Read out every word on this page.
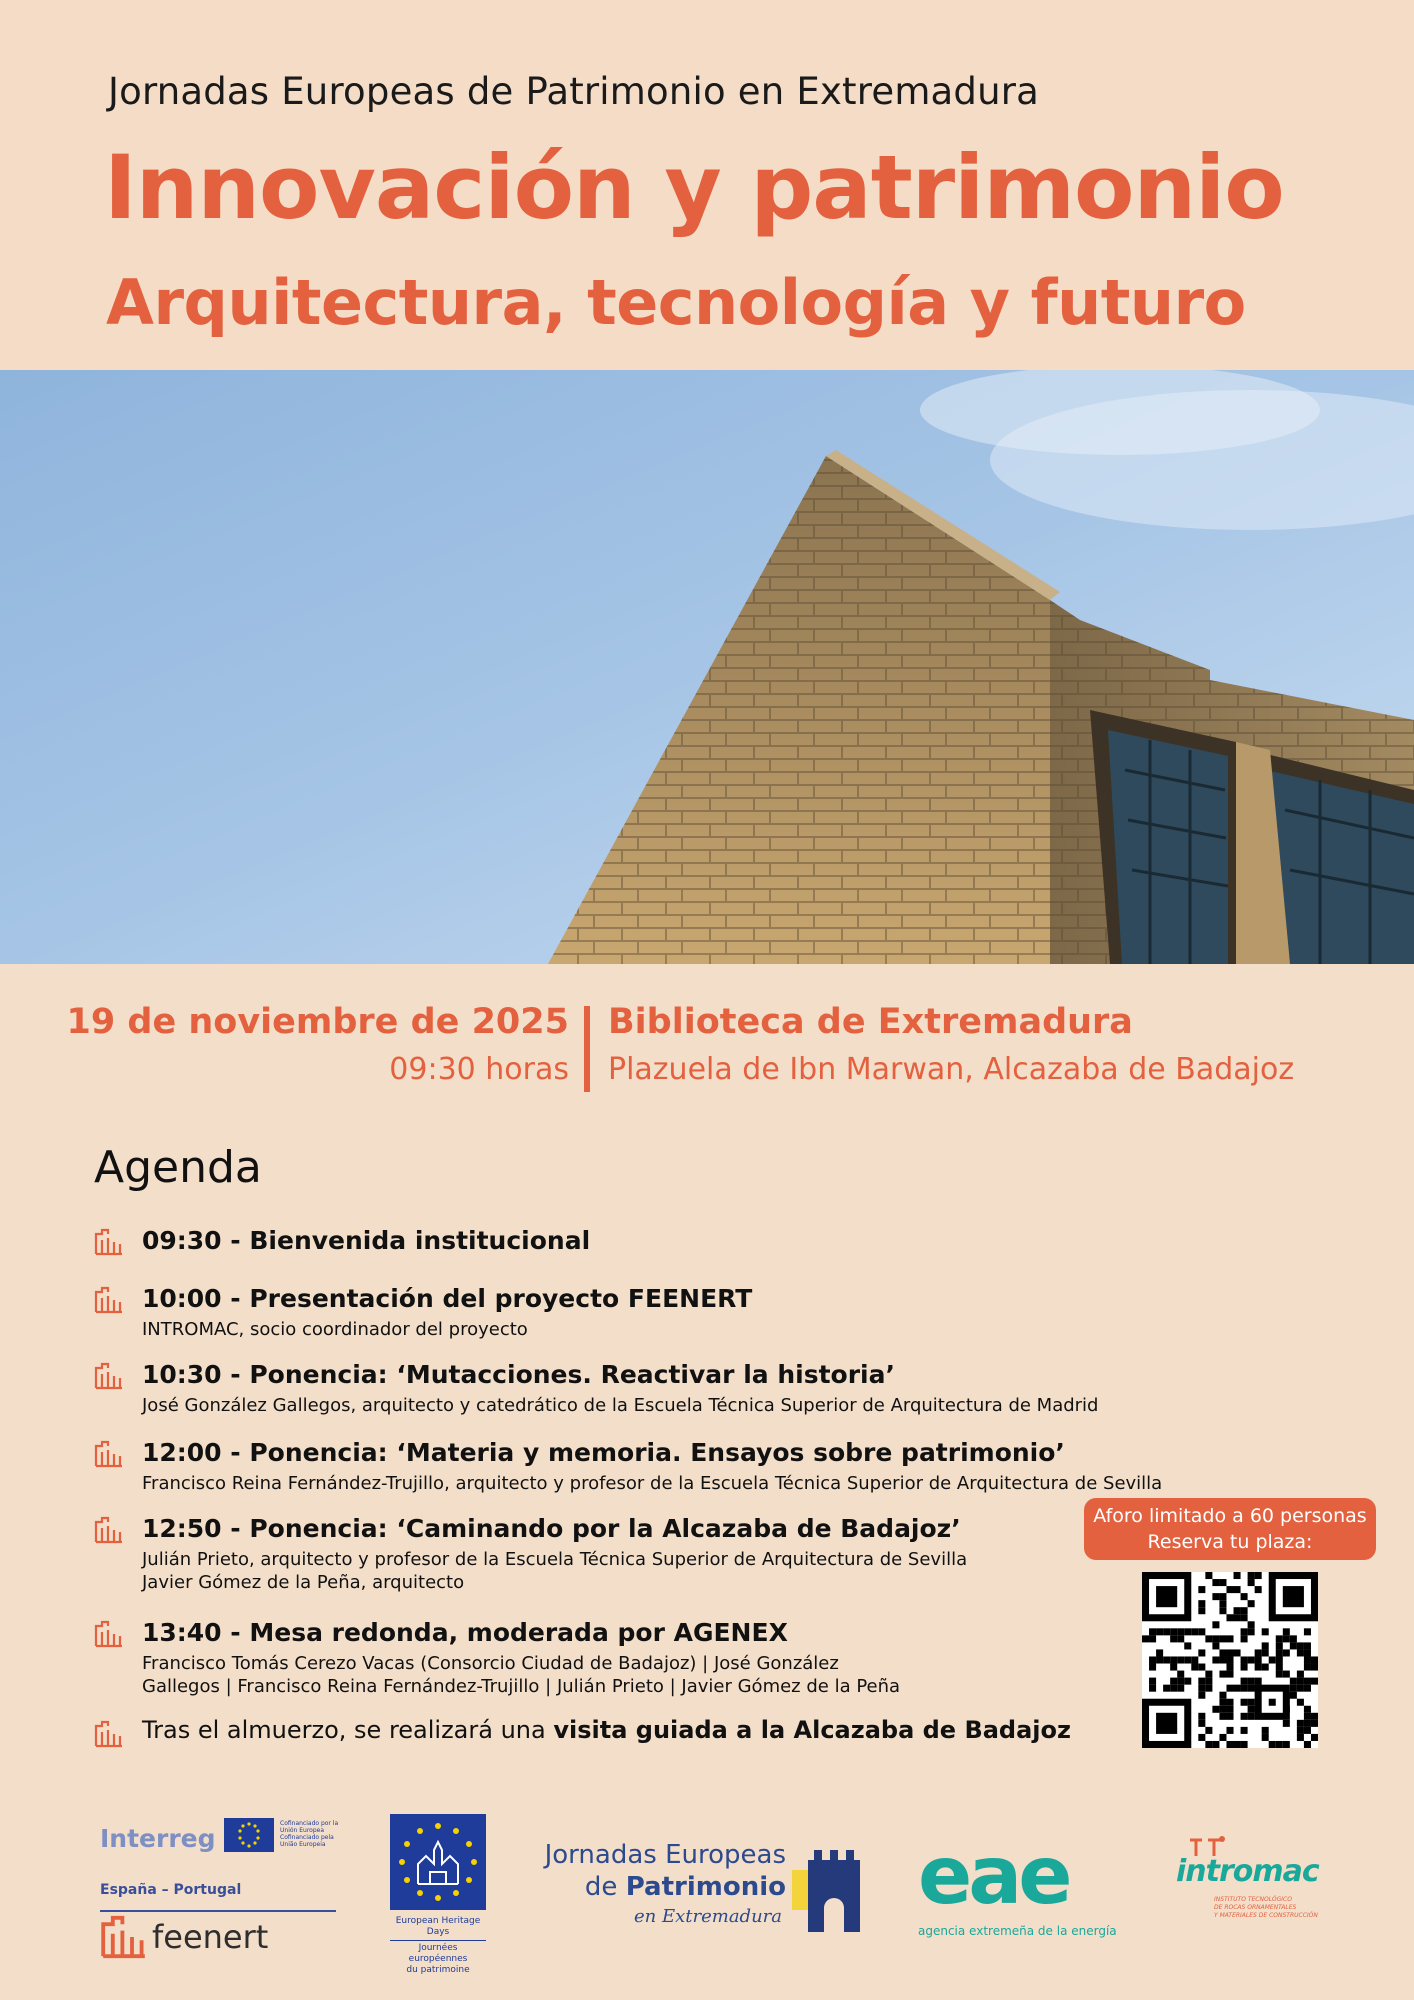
Jornadas Europeas de Patrimonio en Extremadura
Innovación y patrimonio
Arquitectura, tecnología y futuro
19 de noviembre de 2025
09:30 horas
Biblioteca de Extremadura
Plazuela de Ibn Marwan, Alcazaba de Badajoz
Agenda
09:30 - Bienvenida institucional
10:00 - Presentación del proyecto FEENERT
INTROMAC, socio coordinador del proyecto
10:30 - Ponencia: ‘Mutacciones. Reactivar la historia’
José González Gallegos, arquitecto y catedrático de la Escuela Técnica Superior de Arquitectura de Madrid
12:00 - Ponencia: ‘Materia y memoria. Ensayos sobre patrimonio’
Francisco Reina Fernández-Trujillo, arquitecto y profesor de la Escuela Técnica Superior de Arquitectura de Sevilla
12:50 - Ponencia: ‘Caminando por la Alcazaba de Badajoz’
Julián Prieto, arquitecto y profesor de la Escuela Técnica Superior de Arquitectura de Sevilla
Javier Gómez de la Peña, arquitecto
13:40 - Mesa redonda, moderada por AGENEX
Francisco Tomás Cerezo Vacas (Consorcio Ciudad de Badajoz) | José González
Gallegos | Francisco Reina Fernández-Trujillo | Julián Prieto | Javier Gómez de la Peña
Tras el almuerzo, se realizará una visita guiada a la Alcazaba de Badajoz
Aforo limitado a 60 personas
Reserva tu plaza:
Interreg
Cofinanciado por la Unión Europea
Cofinanciado pela União Europeia
España – Portugal
feenert	European Heritage Days
Journées européennes
du patrimoine
Jornadas Europeas
de Patrimonio
en Extremadura eae
agencia extremeña de la energía
intromac
INSTITUTO TECNOLÓGICO
DE ROCAS ORNAMENTALES
Y MATERIALES DE CONSTRUCCIÓN
